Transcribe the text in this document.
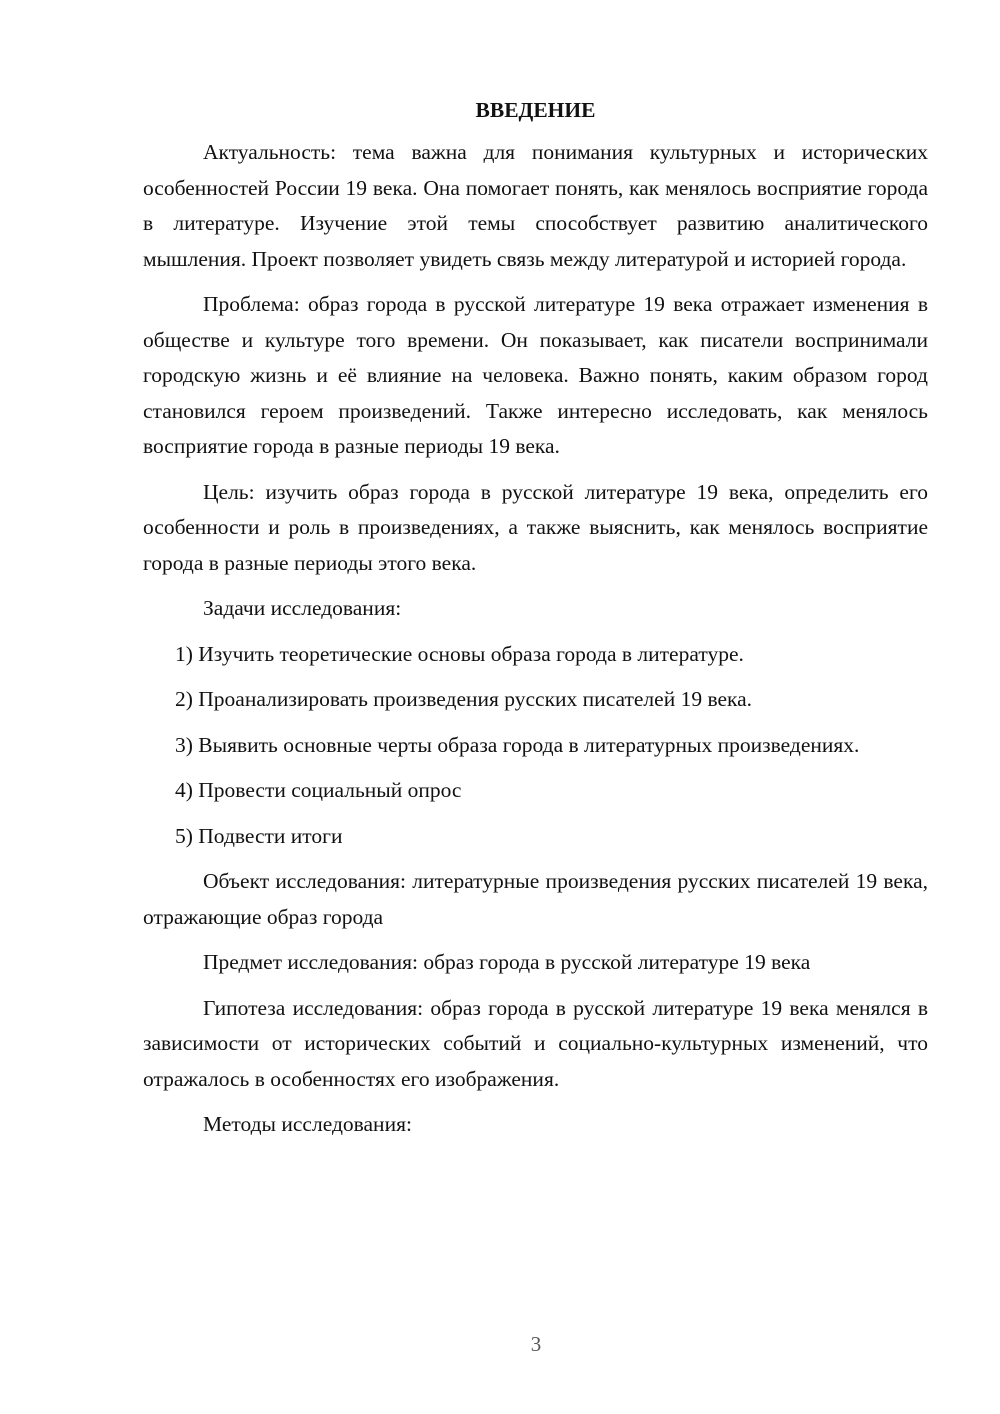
ВВЕДЕНИЕ
Актуальность: тема важна для понимания культурных и исторических особенностей России 19 века. Она помогает понять, как менялось восприятие города в литературе. Изучение этой темы способствует развитию аналитического мышления. Проект позволяет увидеть связь между литературой и историей города.
Проблема: образ города в русской литературе 19 века отражает изменения в обществе и культуре того времени. Он показывает, как писатели воспринимали городскую жизнь и её влияние на человека. Важно понять, каким образом город становился героем произведений. Также интересно исследовать, как менялось восприятие города в разные периоды 19 века.
Цель: изучить образ города в русской литературе 19 века, определить его особенности и роль в произведениях, а также выяснить, как менялось восприятие города в разные периоды этого века.
Задачи исследования:
1) Изучить теоретические основы образа города в литературе.
2) Проанализировать произведения русских писателей 19 века.
3) Выявить основные черты образа города в литературных произведениях.
4) Провести социальный опрос
5) Подвести итоги
Объект исследования: литературные произведения русских писателей 19 века, отражающие образ города
Предмет исследования: образ города в русской литературе 19 века
Гипотеза исследования: образ города в русской литературе 19 века менялся в зависимости от исторических событий и социально-культурных изменений, что отражалось в особенностях его изображения.
Методы исследования:
3
